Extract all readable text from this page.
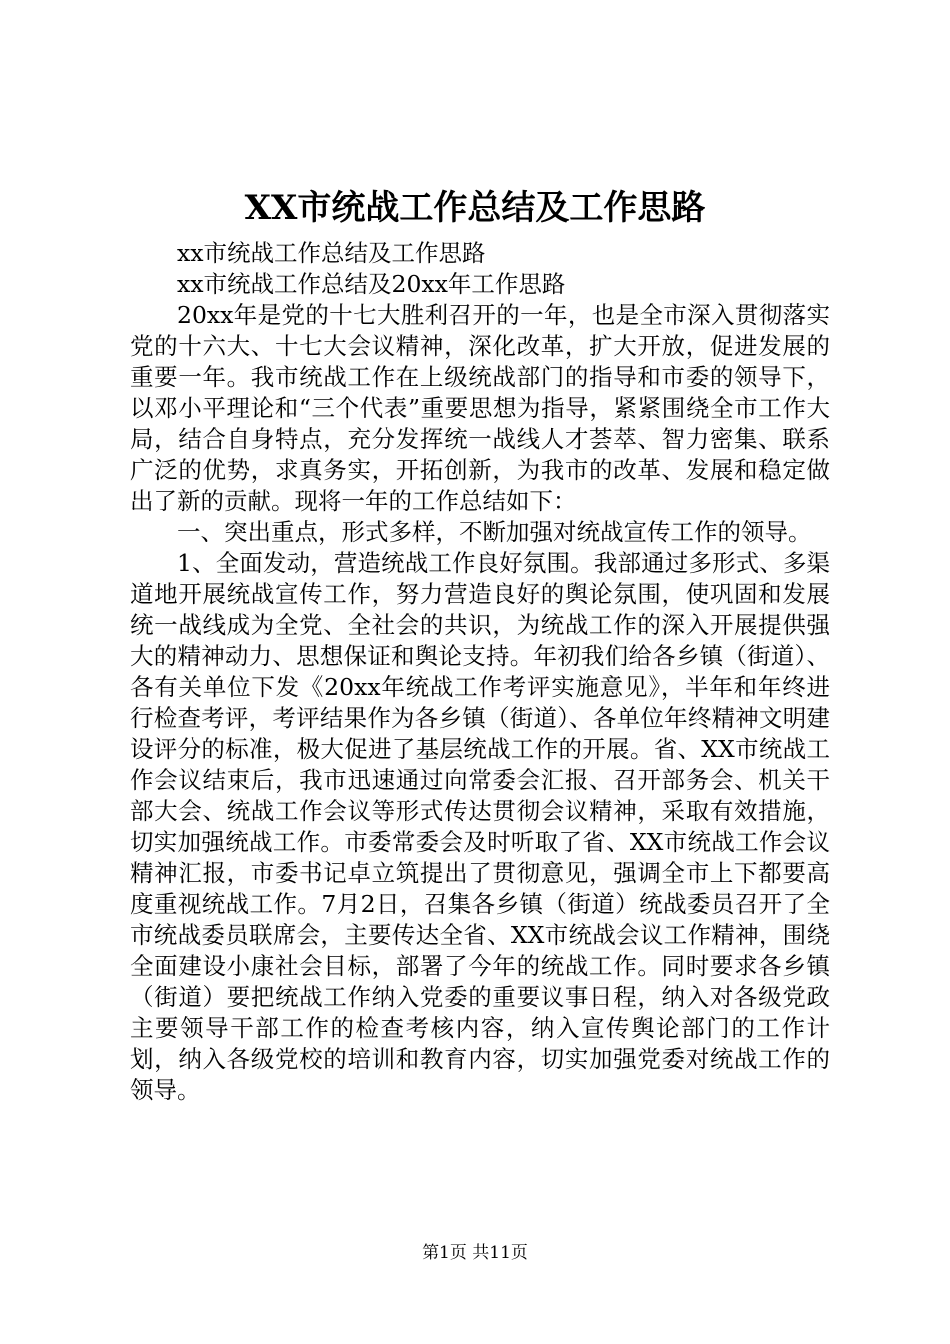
XX市统战工作总结及工作思路

xx市统战工作总结及工作思路

xx市统战工作总结及20xx年工作思路

20xx年是党的十七大胜利召开的一年，也是全市深入贯彻落实党的十六大、十七大会议精神，深化改革，扩大开放，促进发展的重要一年。我市统战工作在上级统战部门的指导和市委的领导下，以邓小平理论和“三个代表”重要思想为指导，紧紧围绕全市工作大局，结合自身特点，充分发挥统一战线人才荟萃、智力密集、联系广泛的优势，求真务实，开拓创新，为我市的改革、发展和稳定做出了新的贡献。现将一年的工作总结如下：

一、突出重点，形式多样，不断加强对统战宣传工作的领导。

1、全面发动，营造统战工作良好氛围。我部通过多形式、多渠道地开展统战宣传工作，努力营造良好的舆论氛围，使巩固和发展统一战线成为全党、全社会的共识，为统战工作的深入开展提供强大的精神动力、思想保证和舆论支持。年初我们给各乡镇（街道）、各有关单位下发《20xx年统战工作考评实施意见》，半年和年终进行检查考评，考评结果作为各乡镇（街道）、各单位年终精神文明建设评分的标准，极大促进了基层统战工作的开展。省、XX市统战工作会议结束后，我市迅速通过向常委会汇报、召开部务会、机关干部大会、统战工作会议等形式传达贯彻会议精神，采取有效措施，切实加强统战工作。市委常委会及时听取了省、XX市统战工作会议精神汇报，市委书记卓立筑提出了贯彻意见，强调全市上下都要高度重视统战工作。7月2日，召集各乡镇（街道）统战委员召开了全市统战委员联席会，主要传达全省、XX市统战会议工作精神，围绕全面建设小康社会目标，部署了今年的统战工作。同时要求各乡镇（街道）要把统战工作纳入党委的重要议事日程，纳入对各级党政主要领导干部工作的检查考核内容，纳入宣传舆论部门的工作计划，纳入各级党校的培训和教育内容，切实加强党委对统战工作的领导。

第1页 共11页
